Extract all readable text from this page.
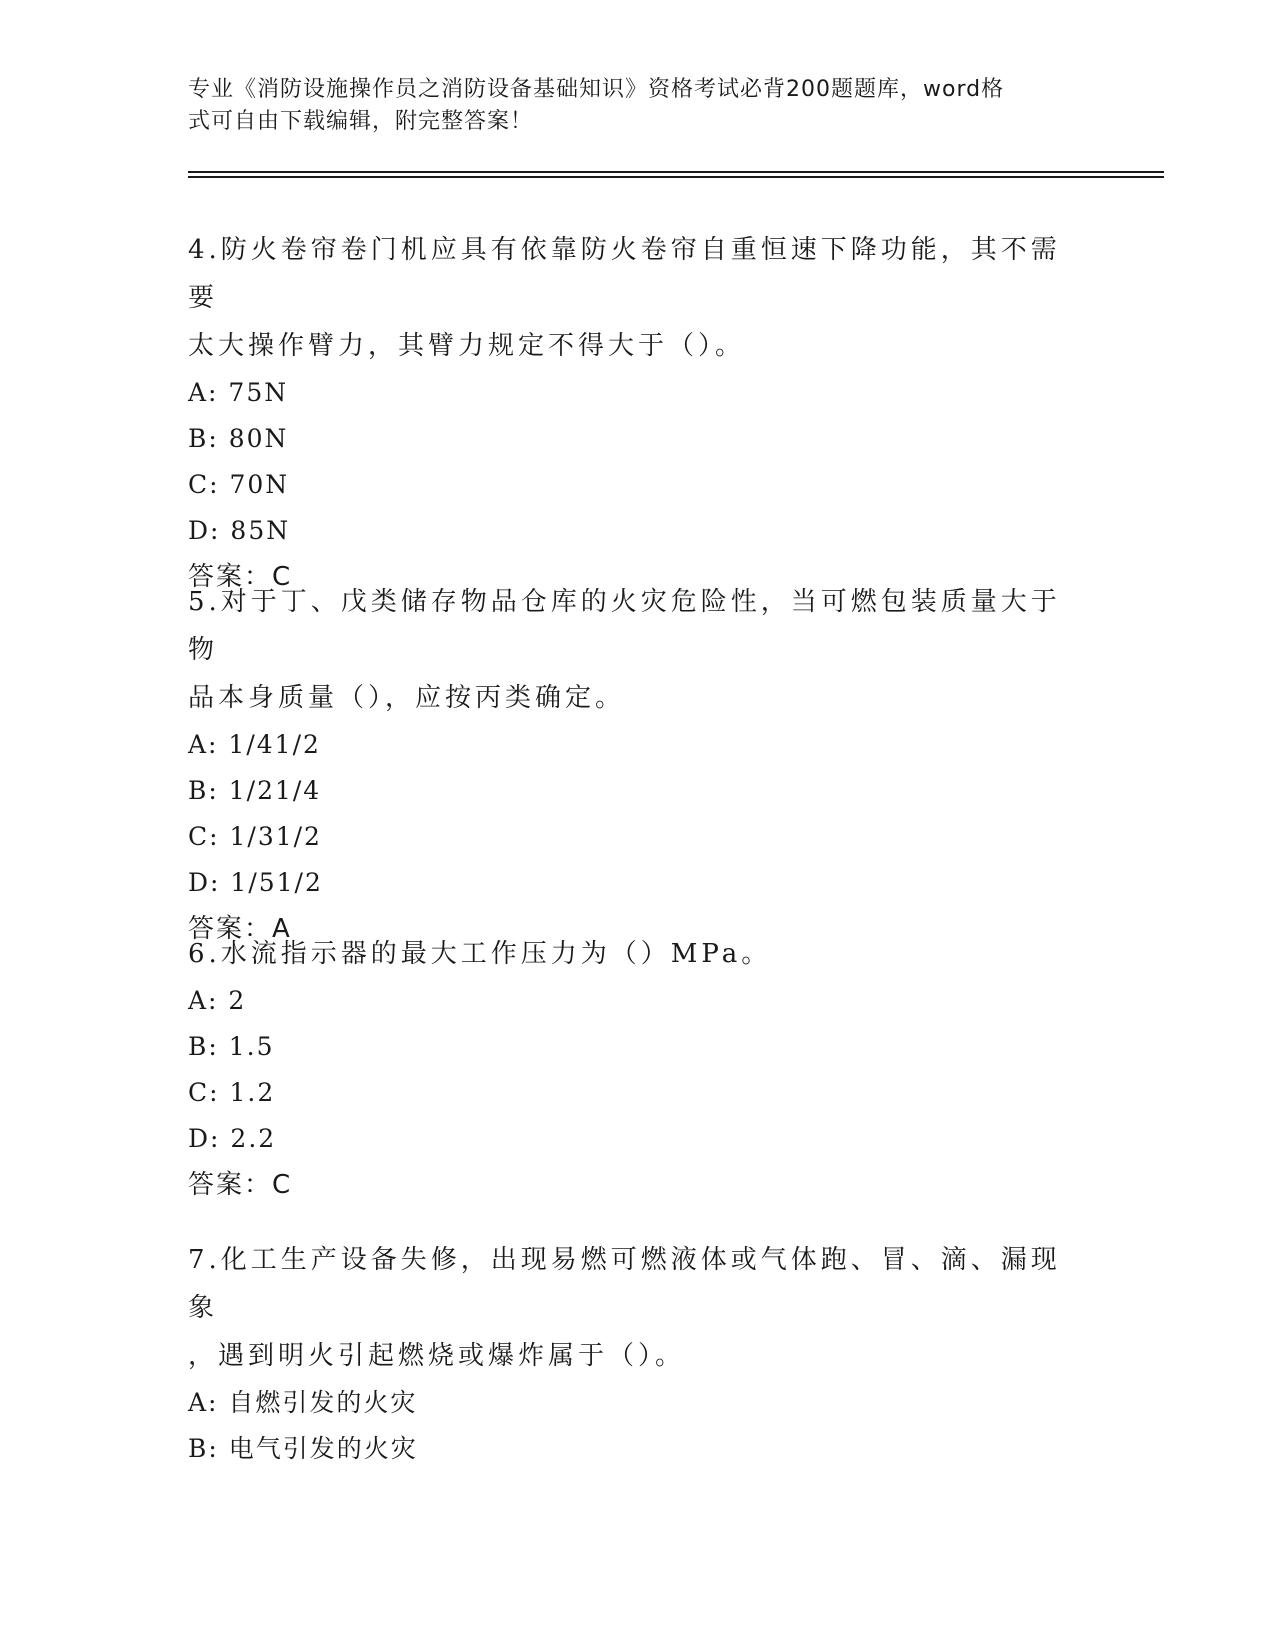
专业《消防设施操作员之消防设备基础知识》资格考试必背200题题库，word格
式可自由下载编辑，附完整答案！

4.防火卷帘卷门机应具有依靠防火卷帘自重恒速下降功能，其不需要

太大操作臂力，其臂力规定不得大于（）。

A: 75N

B: 80N

C: 70N

D: 85N

答案：C

5.对于丁、戊类储存物品仓库的火灾危险性，当可燃包装质量大于物

品本身质量（），应按丙类确定。

A: 1/41/2

B: 1/21/4

C: 1/31/2

D: 1/51/2

答案：A

6.水流指示器的最大工作压力为（）MPa。

A: 2

B: 1.5

C: 1.2

D: 2.2

答案：C

7.化工生产设备失修，出现易燃可燃液体或气体跑、冒、滴、漏现象

，遇到明火引起燃烧或爆炸属于（）。

A: 自燃引发的火灾

B: 电气引发的火灾
